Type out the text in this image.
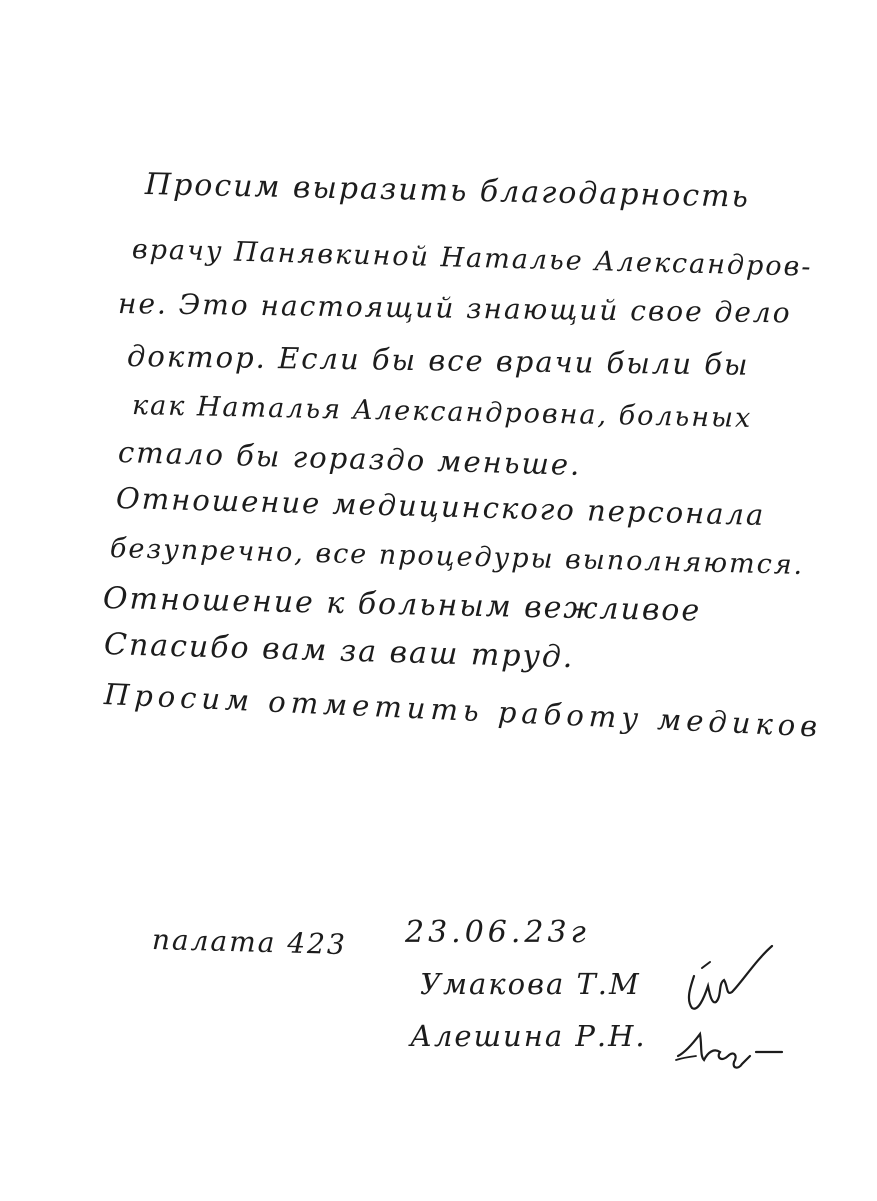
Просим выразить благодарность
врачу Панявкиной Наталье Александров-
не. Это настоящий знающий свое дело
доктор. Если бы все врачи были бы
как Наталья Александровна, больных
стало бы гораздо меньше.
Отношение медицинского персонала
безупречно, все процедуры выполняются.
Отношение к больным вежливое
Спасибо вам за ваш труд.
Просим отметить работу медиков
палата 423 23.06.23г
Умакова Т.М
Алешина Р.Н.
